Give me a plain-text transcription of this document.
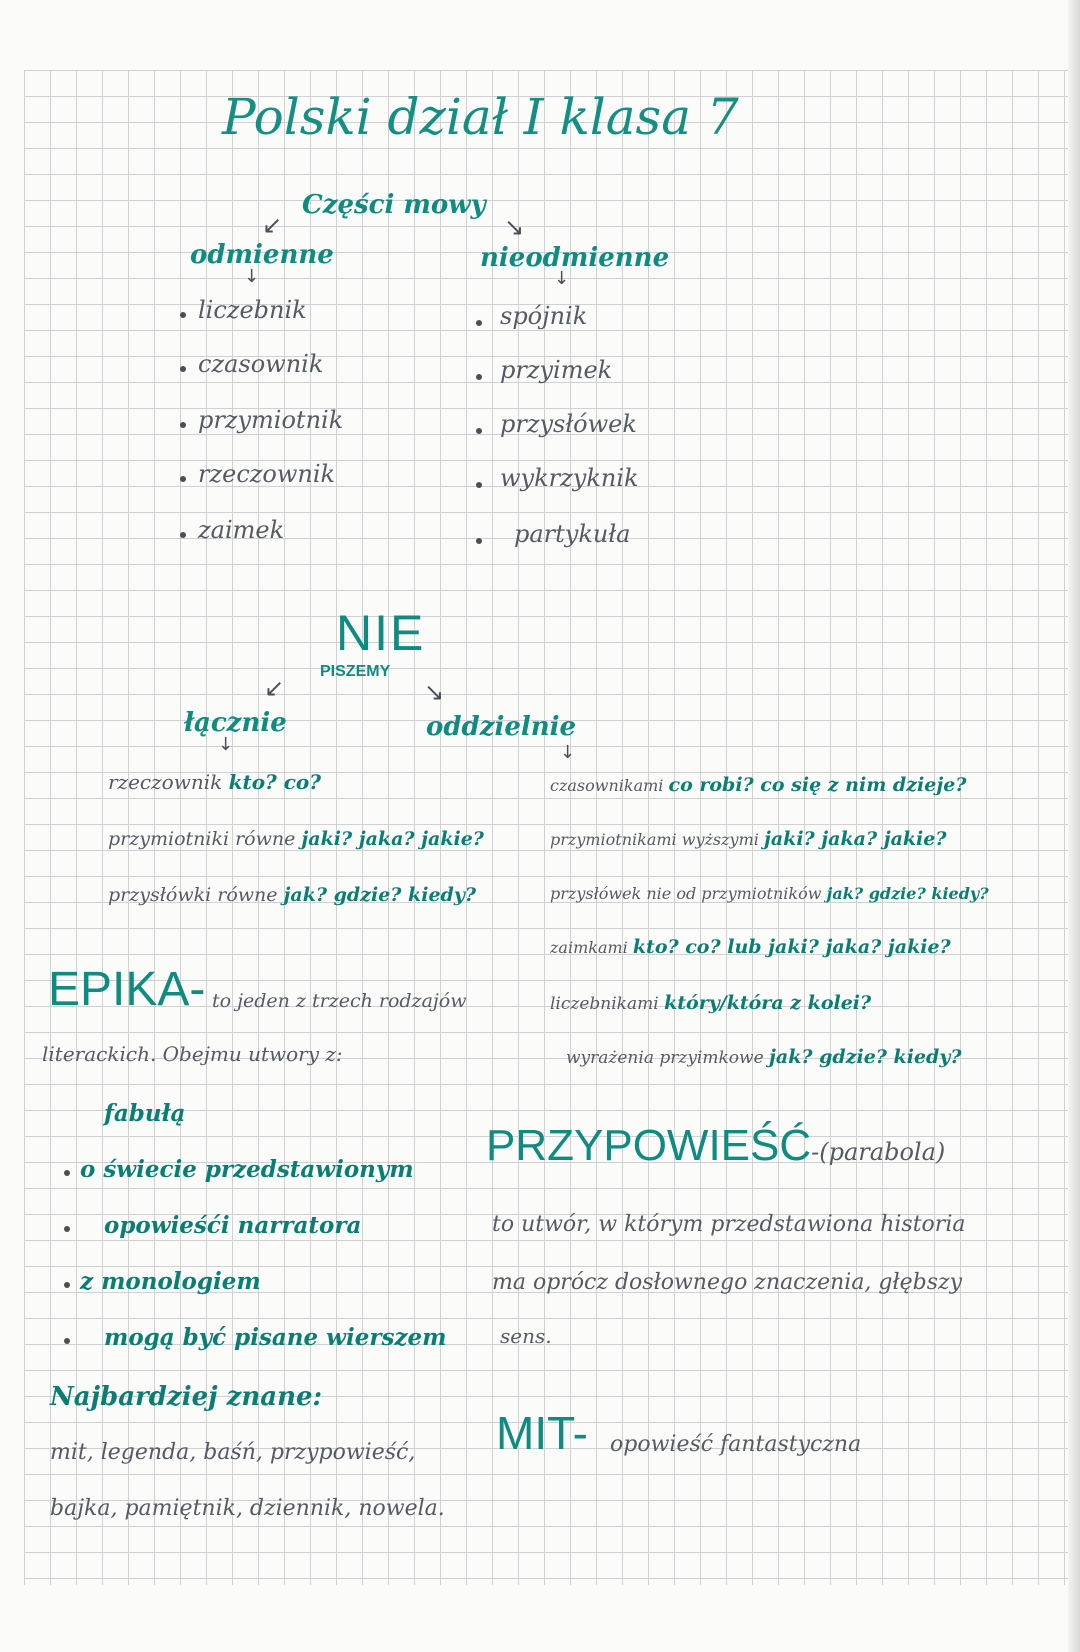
Polski dział I klasa 7
Części mowy
↙	↘
odmienne
↓
nieodmienne
↓
liczebnik
czasownik
przymiotnik
rzeczownik
zaimek
spójnik
przyimek
przysłówek
wykrzyknik
partykuła
NIE
PISZEMY
↙	↘
łącznie
↓
oddzielnie
↓
rzeczownik kto? co?
przymiotniki równe jaki? jaka? jakie?
przysłówki równe jak? gdzie? kiedy?
czasownikami co robi? co się z nim dzieje?
przymiotnikami wyższymi jaki? jaka? jakie?
przysłówek nie od przymiotników jak? gdzie? kiedy?
zaimkami kto? co? lub jaki? jaka? jakie?
liczebnikami który/która z kolei?
wyrażenia przyimkowe jak? gdzie? kiedy?
EPIKA- to jeden z trzech rodzajów
literackich. Obejmu utwory z:
fabułą
o świecie przedstawionym
opowieśći narratora
z monologiem
mogą być pisane wierszem
Najbardziej znane:
mit, legenda, baśń, przypowieść,
bajka, pamiętnik, dziennik, nowela.
PRZYPOWIEŚĆ-(parabola)
to utwór, w którym przedstawiona historia
ma oprócz dosłownego znaczenia, głębszy
sens.
MIT- opowieść fantastyczna
